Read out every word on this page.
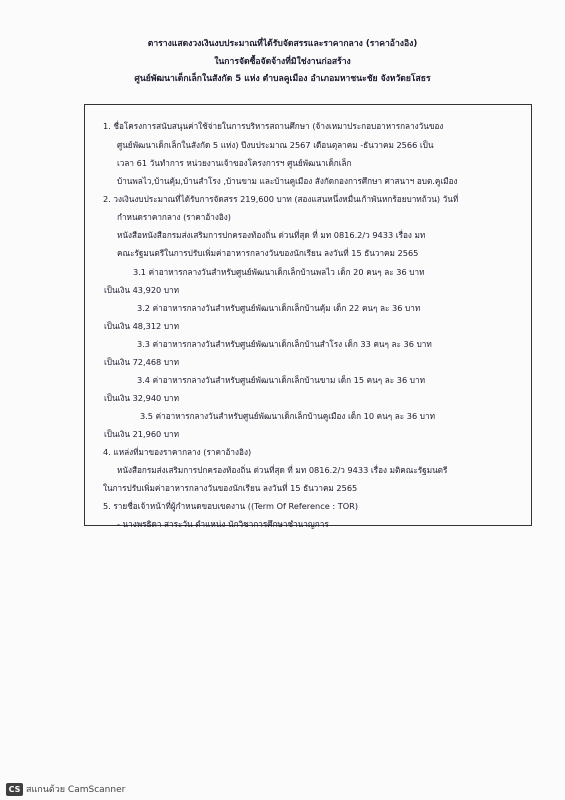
ตารางแสดงวงเงินงบประมาณที่ได้รับจัดสรรและราคากลาง (ราคาอ้างอิง)
ในการจัดซื้อจัดจ้างที่มิใช่งานก่อสร้าง
ศูนย์พัฒนาเด็กเล็กในสังกัด 5 แห่ง ตำบลคูเมือง อำเภอมหาชนะชัย จังหวัดยโสธร
1. ชื่อโครงการสนับสนุนค่าใช้จ่ายในการบริหารสถานศึกษา (จ้างเหมาประกอบอาหารกลางวันของ
ศูนย์พัฒนาเด็กเล็กในสังกัด 5 แห่ง) ปีงบประมาณ 2567 เดือนตุลาคม -ธันวาคม 2566 เป็น
เวลา 61 วันทำการ หน่วยงานเจ้าของโครงการฯ ศูนย์พัฒนาเด็กเล็ก
บ้านพลไว,บ้านคุ้ม,บ้านสำโรง ,บ้านขาม และบ้านคูเมือง สังกัดกองการศึกษา ศาสนาฯ อบต.คูเมือง
2. วงเงินงบประมาณที่ได้รับการจัดสรร 219,600 บาท (สองแสนหนึ่งหมื่นเก้าพันหกร้อยบาทถ้วน) วันที่
กำหนดราคากลาง (ราคาอ้างอิง)
หนังสือหนังสือกรมส่งเสริมการปกครองท้องถิ่น ด่วนที่สุด ที่ มท 0816.2/ว 9433 เรื่อง มท
คณะรัฐมนตรีในการปรับเพิ่มค่าอาหารกลางวันของนักเรียน ลงวันที่ 15 ธันวาคม 2565
3.1 ค่าอาหารกลางวันสำหรับศูนย์พัฒนาเด็กเล็กบ้านพลไว เด็ก 20 คนๆ ละ 36 บาท
เป็นเงิน 43,920 บาท
3.2 ค่าอาหารกลางวันสำหรับศูนย์พัฒนาเด็กเล็กบ้านคุ้ม เด็ก 22 คนๆ ละ 36 บาท
เป็นเงิน 48,312 บาท
3.3 ค่าอาหารกลางวันสำหรับศูนย์พัฒนาเด็กเล็กบ้านสำโรง เด็ก 33 คนๆ ละ 36 บาท
เป็นเงิน 72,468 บาท
3.4 ค่าอาหารกลางวันสำหรับศูนย์พัฒนาเด็กเล็กบ้านขาม เด็ก 15 คนๆ ละ 36 บาท
เป็นเงิน 32,940 บาท
3.5 ค่าอาหารกลางวันสำหรับศูนย์พัฒนาเด็กเล็กบ้านคูเมือง เด็ก 10 คนๆ ละ 36 บาท
เป็นเงิน 21,960 บาท
4. แหล่งที่มาของราคากลาง (ราคาอ้างอิง)
หนังสือกรมส่งเสริมการปกครองท้องถิ่น ด่วนที่สุด ที่ มท 0816.2/ว 9433 เรื่อง มติคณะรัฐมนตรี
ในการปรับเพิ่มค่าอาหารกลางวันของนักเรียน ลงวันที่ 15 ธันวาคม 2565
5. รายชื่อเจ้าหน้าที่ผู้กำหนดขอบเขตงาน ((Term Of Reference : TOR)
- นางพรธิดา สาระวัน ตำแหน่ง นักวิชาการศึกษาชำนาญการ
CS สแกนด้วย CamScanner
